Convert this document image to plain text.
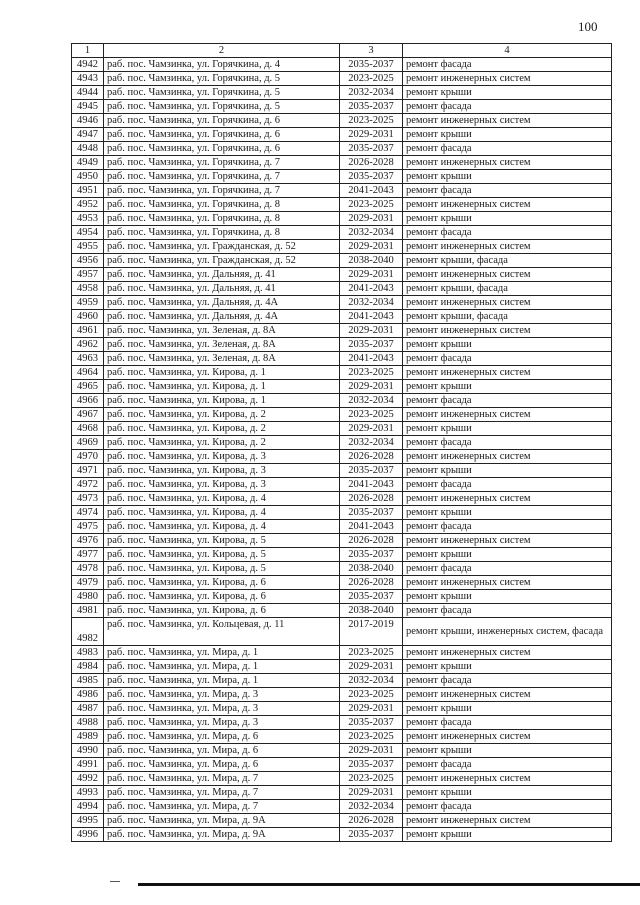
100
1	2	3	4
4942	раб. пос. Чамзинка, ул. Горячкина, д. 4	2035-2037	ремонт фасада
4943	раб. пос. Чамзинка, ул. Горячкина, д. 5	2023-2025	ремонт инженерных систем
4944	раб. пос. Чамзинка, ул. Горячкина, д. 5	2032-2034	ремонт крыши
4945	раб. пос. Чамзинка, ул. Горячкина, д. 5	2035-2037	ремонт фасада
4946	раб. пос. Чамзинка, ул. Горячкина, д. 6	2023-2025	ремонт инженерных систем
4947	раб. пос. Чамзинка, ул. Горячкина, д. 6	2029-2031	ремонт крыши
4948	раб. пос. Чамзинка, ул. Горячкина, д. 6	2035-2037	ремонт фасада
4949	раб. пос. Чамзинка, ул. Горячкина, д. 7	2026-2028	ремонт инженерных систем
4950	раб. пос. Чамзинка, ул. Горячкина, д. 7	2035-2037	ремонт крыши
4951	раб. пос. Чамзинка, ул. Горячкина, д. 7	2041-2043	ремонт фасада
4952	раб. пос. Чамзинка, ул. Горячкина, д. 8	2023-2025	ремонт инженерных систем
4953	раб. пос. Чамзинка, ул. Горячкина, д. 8	2029-2031	ремонт крыши
4954	раб. пос. Чамзинка, ул. Горячкина, д. 8	2032-2034	ремонт фасада
4955	раб. пос. Чамзинка, ул. Гражданская, д. 52	2029-2031	ремонт инженерных систем
4956	раб. пос. Чамзинка, ул. Гражданская, д. 52	2038-2040	ремонт крыши, фасада
4957	раб. пос. Чамзинка, ул. Дальняя, д. 41	2029-2031	ремонт инженерных систем
4958	раб. пос. Чамзинка, ул. Дальняя, д. 41	2041-2043	ремонт крыши, фасада
4959	раб. пос. Чамзинка, ул. Дальняя, д. 4А	2032-2034	ремонт инженерных систем
4960	раб. пос. Чамзинка, ул. Дальняя, д. 4А	2041-2043	ремонт крыши, фасада
4961	раб. пос. Чамзинка, ул. Зеленая, д. 8А	2029-2031	ремонт инженерных систем
4962	раб. пос. Чамзинка, ул. Зеленая, д. 8А	2035-2037	ремонт крыши
4963	раб. пос. Чамзинка, ул. Зеленая, д. 8А	2041-2043	ремонт фасада
4964	раб. пос. Чамзинка, ул. Кирова, д. 1	2023-2025	ремонт инженерных систем
4965	раб. пос. Чамзинка, ул. Кирова, д. 1	2029-2031	ремонт крыши
4966	раб. пос. Чамзинка, ул. Кирова, д. 1	2032-2034	ремонт фасада
4967	раб. пос. Чамзинка, ул. Кирова, д. 2	2023-2025	ремонт инженерных систем
4968	раб. пос. Чамзинка, ул. Кирова, д. 2	2029-2031	ремонт крыши
4969	раб. пос. Чамзинка, ул. Кирова, д. 2	2032-2034	ремонт фасада
4970	раб. пос. Чамзинка, ул. Кирова, д. 3	2026-2028	ремонт инженерных систем
4971	раб. пос. Чамзинка, ул. Кирова, д. 3	2035-2037	ремонт крыши
4972	раб. пос. Чамзинка, ул. Кирова, д. 3	2041-2043	ремонт фасада
4973	раб. пос. Чамзинка, ул. Кирова, д. 4	2026-2028	ремонт инженерных систем
4974	раб. пос. Чамзинка, ул. Кирова, д. 4	2035-2037	ремонт крыши
4975	раб. пос. Чамзинка, ул. Кирова, д. 4	2041-2043	ремонт фасада
4976	раб. пос. Чамзинка, ул. Кирова, д. 5	2026-2028	ремонт инженерных систем
4977	раб. пос. Чамзинка, ул. Кирова, д. 5	2035-2037	ремонт крыши
4978	раб. пос. Чамзинка, ул. Кирова, д. 5	2038-2040	ремонт фасада
4979	раб. пос. Чамзинка, ул. Кирова, д. 6	2026-2028	ремонт инженерных систем
4980	раб. пос. Чамзинка, ул. Кирова, д. 6	2035-2037	ремонт крыши
4981	раб. пос. Чамзинка, ул. Кирова, д. 6	2038-2040	ремонт фасада
4982	раб. пос. Чамзинка, ул. Кольцевая, д. 11	2017-2019	ремонт крыши, инженерных систем, фасада
4983	раб. пос. Чамзинка, ул. Мира, д. 1	2023-2025	ремонт инженерных систем
4984	раб. пос. Чамзинка, ул. Мира, д. 1	2029-2031	ремонт крыши
4985	раб. пос. Чамзинка, ул. Мира, д. 1	2032-2034	ремонт фасада
4986	раб. пос. Чамзинка, ул. Мира, д. 3	2023-2025	ремонт инженерных систем
4987	раб. пос. Чамзинка, ул. Мира, д. 3	2029-2031	ремонт крыши
4988	раб. пос. Чамзинка, ул. Мира, д. 3	2035-2037	ремонт фасада
4989	раб. пос. Чамзинка, ул. Мира, д. 6	2023-2025	ремонт инженерных систем
4990	раб. пос. Чамзинка, ул. Мира, д. 6	2029-2031	ремонт крыши
4991	раб. пос. Чамзинка, ул. Мира, д. 6	2035-2037	ремонт фасада
4992	раб. пос. Чамзинка, ул. Мира, д. 7	2023-2025	ремонт инженерных систем
4993	раб. пос. Чамзинка, ул. Мира, д. 7	2029-2031	ремонт крыши
4994	раб. пос. Чамзинка, ул. Мира, д. 7	2032-2034	ремонт фасада
4995	раб. пос. Чамзинка, ул. Мира, д. 9А	2026-2028	ремонт инженерных систем
4996	раб. пос. Чамзинка, ул. Мира, д. 9А	2035-2037	ремонт крыши
